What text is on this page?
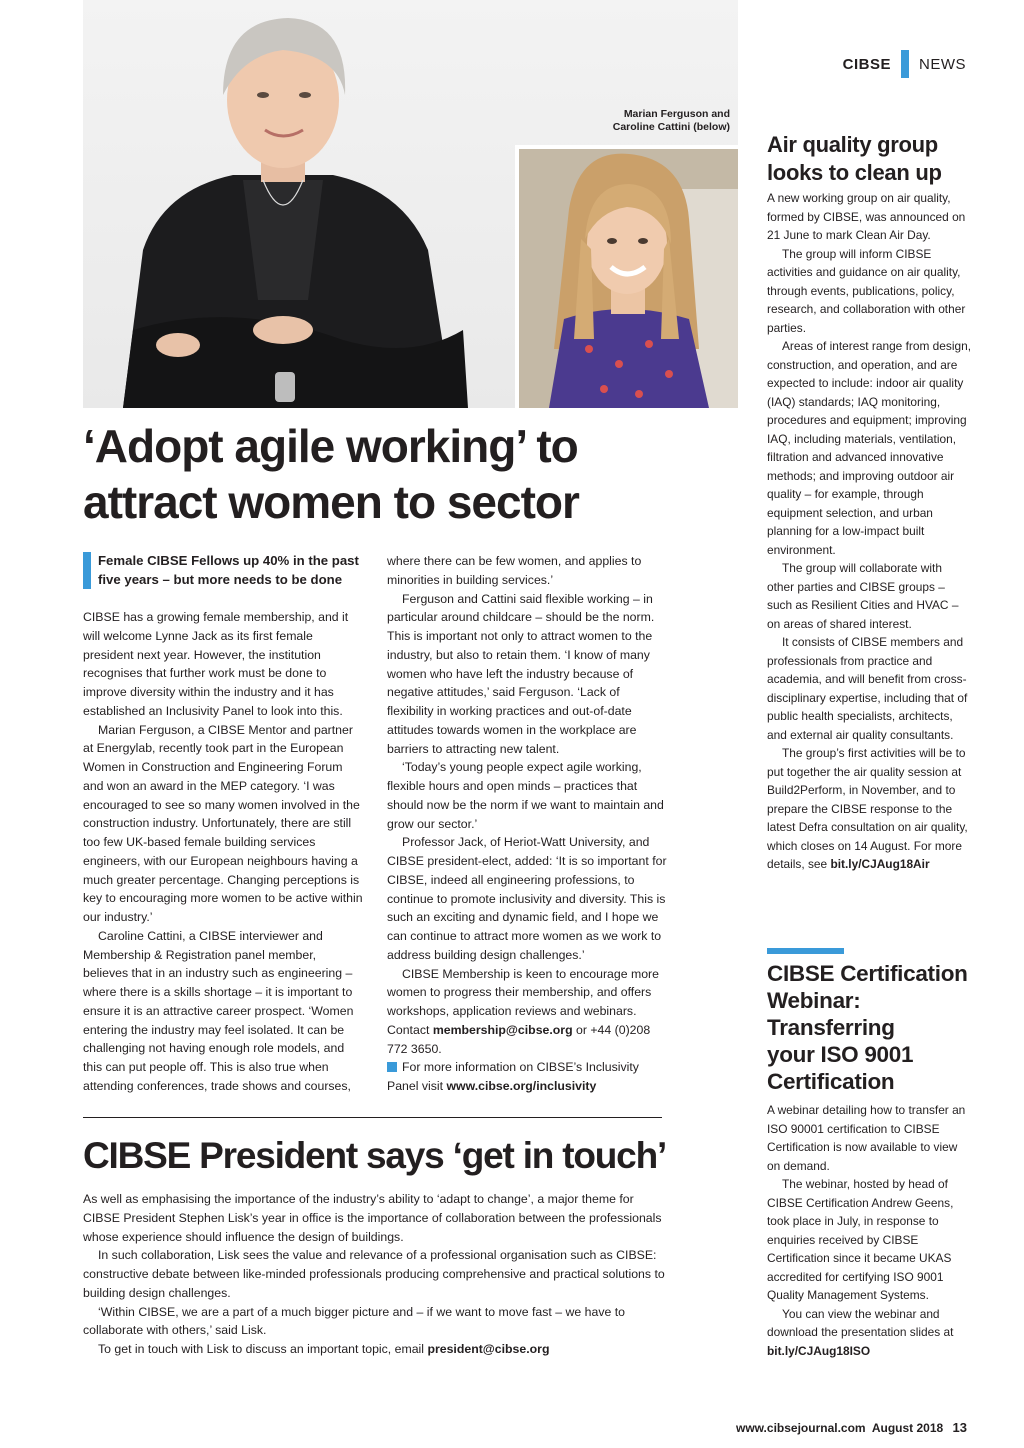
CIBSE NEWS
Marian Ferguson and
Caroline Cattini (below)
‘Adopt agile working’ to
attract women to sector
Female CIBSE Fellows up 40% in the past
five years – but more needs to be done

CIBSE has a growing female membership, and it will welcome Lynne Jack as its first female president next year. However, the institution recognises that further work must be done to improve diversity within the industry and it has established an Inclusivity Panel to look into this.

Marian Ferguson, a CIBSE Mentor and partner at Energylab, recently took part in the European Women in Construction and Engineering Forum and won an award in the MEP category. ‘I was encouraged to see so many women involved in the construction industry. Unfortunately, there are still too few UK-based female building services engineers, with our European neighbours having a much greater percentage. Changing perceptions is key to encouraging more women to be active within our industry.’

Caroline Cattini, a CIBSE interviewer and Membership & Registration panel member, believes that in an industry such as engineering – where there is a skills shortage – it is important to ensure it is an attractive career prospect. ‘Women entering the industry may feel isolated. It can be challenging not having enough role models, and this can put people off. This is also true when attending conferences, trade shows and courses,

where there can be few women, and applies to minorities in building services.’

Ferguson and Cattini said flexible working – in particular around childcare – should be the norm. This is important not only to attract women to the industry, but also to retain them. ‘I know of many women who have left the industry because of negative attitudes,’ said Ferguson. ‘Lack of flexibility in working practices and out-of-date attitudes towards women in the workplace are barriers to attracting new talent.

‘Today’s young people expect agile working, flexible hours and open minds – practices that should now be the norm if we want to maintain and grow our sector.’

Professor Jack, of Heriot-Watt University, and CIBSE president-elect, added: ‘It is so important for CIBSE, indeed all engineering professions, to continue to promote inclusivity and diversity. This is such an exciting and dynamic field, and I hope we can continue to attract more women as we work to address building design challenges.’

CIBSE Membership is keen to encourage more women to progress their membership, and offers workshops, application reviews and webinars. Contact membership@cibse.org or +44 (0)208 772 3650.

For more information on CIBSE’s Inclusivity Panel visit www.cibse.org/inclusivity

CIBSE President says ‘get in touch’

As well as emphasising the importance of the industry’s ability to ‘adapt to change’, a major theme for CIBSE President Stephen Lisk’s year in office is the importance of collaboration between the professionals whose experience should influence the design of buildings.

In such collaboration, Lisk sees the value and relevance of a professional organisation such as CIBSE: constructive debate between like-minded professionals producing comprehensive and practical solutions to building design challenges.

‘Within CIBSE, we are a part of a much bigger picture and – if we want to move fast – we have to collaborate with others,’ said Lisk.

To get in touch with Lisk to discuss an important topic, email president@cibse.org

Air quality group
looks to clean up

A new working group on air quality, formed by CIBSE, was announced on 21 June to mark Clean Air Day.

The group will inform CIBSE activities and guidance on air quality, through events, publications, policy, research, and collaboration with other parties.

Areas of interest range from design, construction, and operation, and are expected to include: indoor air quality (IAQ) standards; IAQ monitoring, procedures and equipment; improving IAQ, including materials, ventilation, filtration and advanced innovative methods; and improving outdoor air quality – for example, through equipment selection, and urban planning for a low-impact built environment.

The group will collaborate with other parties and CIBSE groups – such as Resilient Cities and HVAC – on areas of shared interest.

It consists of CIBSE members and professionals from practice and academia, and will benefit from cross-disciplinary expertise, including that of public health specialists, architects, and external air quality consultants.

The group’s first activities will be to put together the air quality session at Build2Perform, in November, and to prepare the CIBSE response to the latest Defra consultation on air quality, which closes on 14 August. For more details, see bit.ly/CJAug18Air

CIBSE Certification
Webinar:
Transferring
your ISO 9001
Certification

A webinar detailing how to transfer an ISO 90001 certification to CIBSE Certification is now available to view on demand.

The webinar, hosted by head of CIBSE Certification Andrew Geens, took place in July, in response to enquiries received by CIBSE Certification since it became UKAS accredited for certifying ISO 9001 Quality Management Systems.

You can view the webinar and download the presentation slides at bit.ly/CJAug18ISO

www.cibsejournal.com August 2018 13
